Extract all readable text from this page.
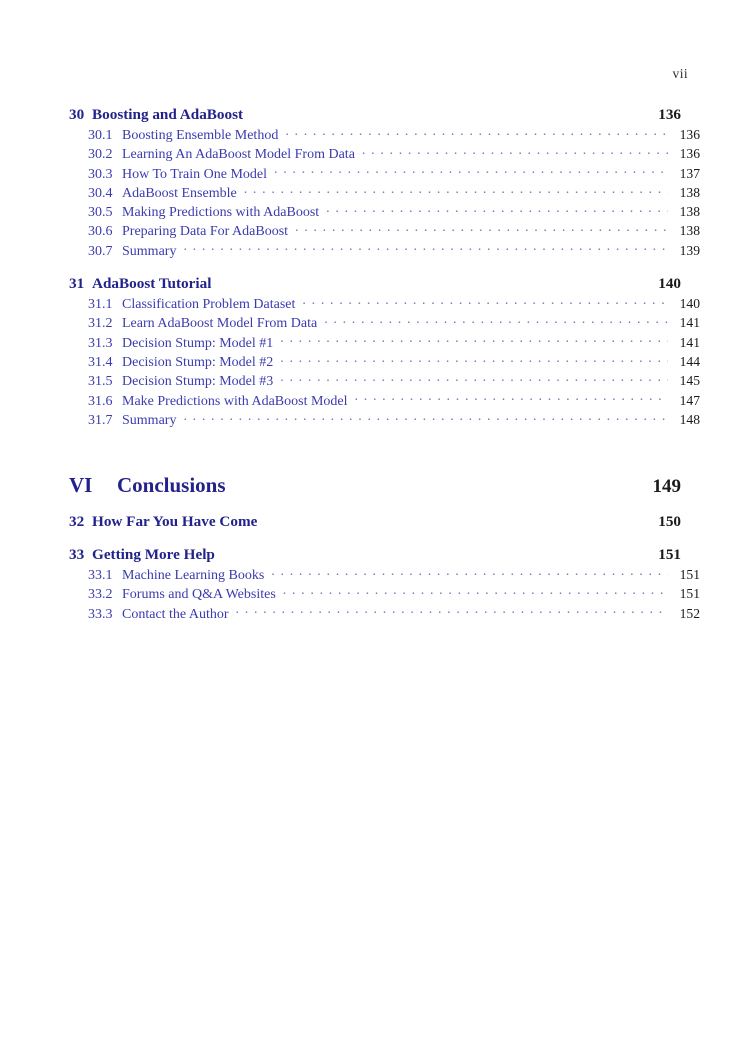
vii
30 Boosting and AdaBoost	136
30.1 Boosting Ensemble Method . . .	136
30.2 Learning An AdaBoost Model From Data . . .	136
30.3 How To Train One Model . . .	137
30.4 AdaBoost Ensemble . . .	138
30.5 Making Predictions with AdaBoost . . .	138
30.6 Preparing Data For AdaBoost . . .	138
30.7 Summary . . .	139
31 AdaBoost Tutorial	140
31.1 Classification Problem Dataset . . .	140
31.2 Learn AdaBoost Model From Data . . .	141
31.3 Decision Stump: Model #1 . . .	141
31.4 Decision Stump: Model #2 . . .	144
31.5 Decision Stump: Model #3 . . .	145
31.6 Make Predictions with AdaBoost Model . . .	147
31.7 Summary . . .	148
VI	Conclusions	149
32 How Far You Have Come	150
33 Getting More Help	151
33.1 Machine Learning Books . . .	151
33.2 Forums and Q&A Websites . . .	151
33.3 Contact the Author . . .	152
